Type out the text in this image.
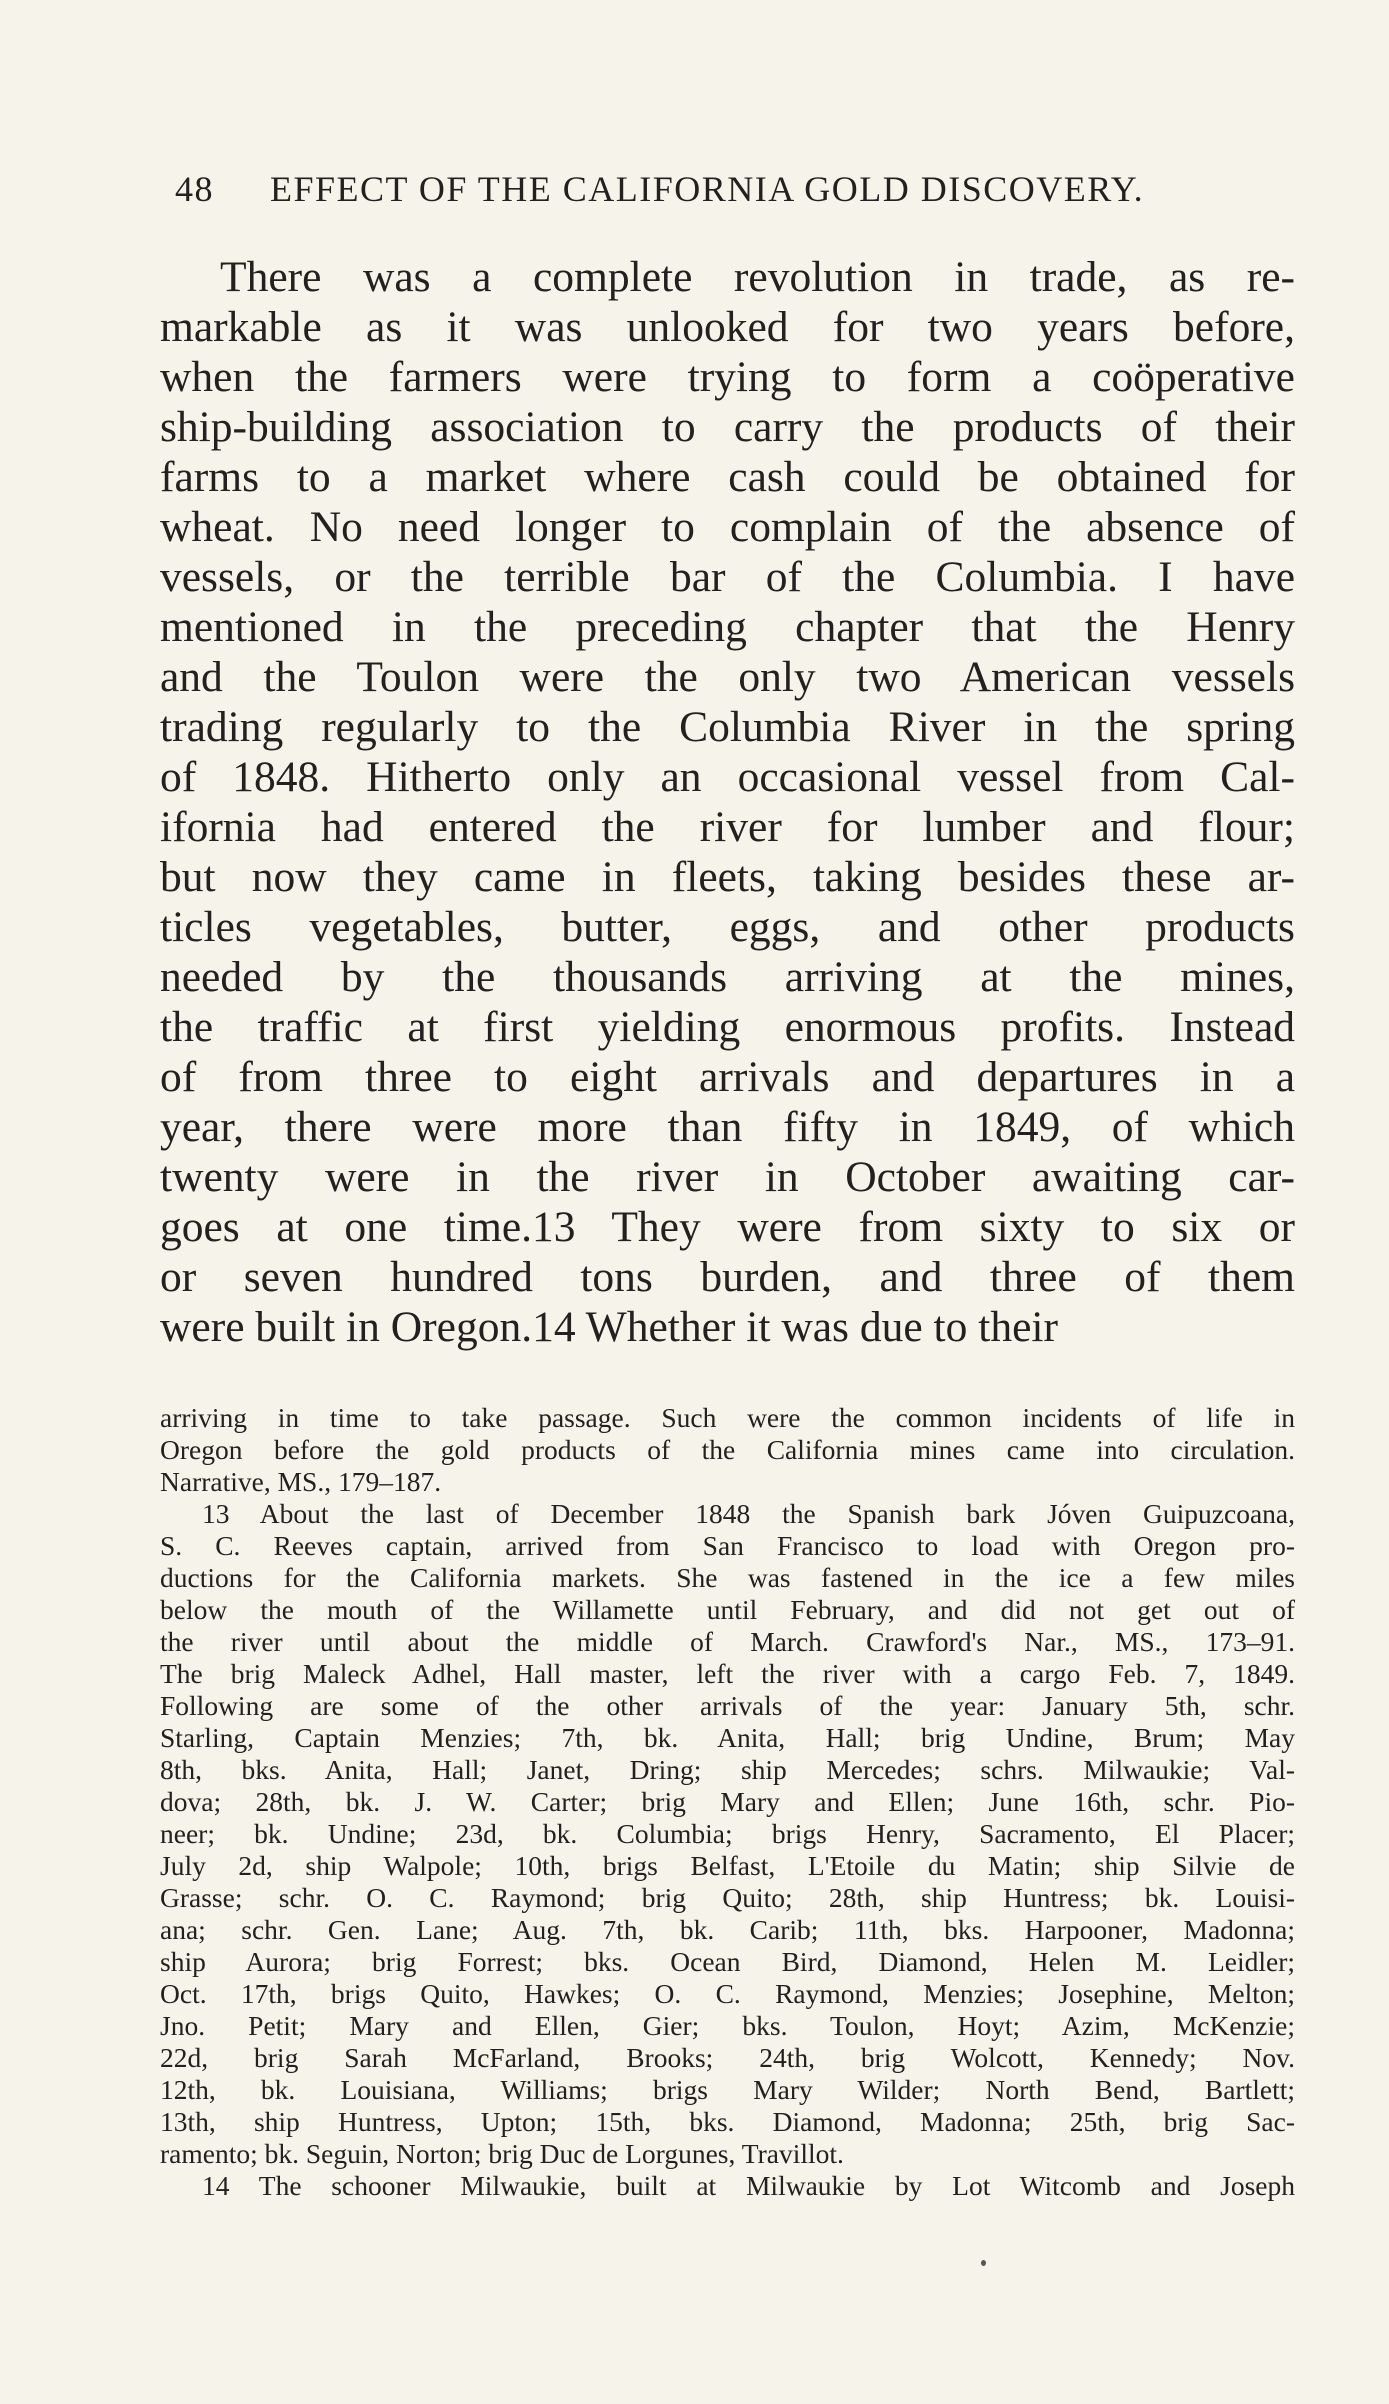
48 EFFECT OF THE CALIFORNIA GOLD DISCOVERY.
There was a complete revolution in trade, as re-
markable as it was unlooked for two years before,
when the farmers were trying to form a coöperative
ship-building association to carry the products of their
farms to a market where cash could be obtained for
wheat. No need longer to complain of the absence of
vessels, or the terrible bar of the Columbia. I have
mentioned in the preceding chapter that the Henry
and the Toulon were the only two American vessels
trading regularly to the Columbia River in the spring
of 1848. Hitherto only an occasional vessel from Cal-
ifornia had entered the river for lumber and flour;
but now they came in fleets, taking besides these ar-
ticles vegetables, butter, eggs, and other products
needed by the thousands arriving at the mines,
the traffic at first yielding enormous profits. Instead
of from three to eight arrivals and departures in a
year, there were more than fifty in 1849, of which
twenty were in the river in October awaiting car-
goes at one time.13 They were from sixty to six or
or seven hundred tons burden, and three of them
were built in Oregon.14 Whether it was due to their
arriving in time to take passage. Such were the common incidents of life in
Oregon before the gold products of the California mines came into circulation.
Narrative, MS., 179–187.
13 About the last of December 1848 the Spanish bark Jóven Guipuzcoana,
S. C. Reeves captain, arrived from San Francisco to load with Oregon pro-
ductions for the California markets. She was fastened in the ice a few miles
below the mouth of the Willamette until February, and did not get out of
the river until about the middle of March. Crawford's Nar., MS., 173–91.
The brig Maleck Adhel, Hall master, left the river with a cargo Feb. 7, 1849.
Following are some of the other arrivals of the year: January 5th, schr.
Starling, Captain Menzies; 7th, bk. Anita, Hall; brig Undine, Brum; May
8th, bks. Anita, Hall; Janet, Dring; ship Mercedes; schrs. Milwaukie; Val-
dova; 28th, bk. J. W. Carter; brig Mary and Ellen; June 16th, schr. Pio-
neer; bk. Undine; 23d, bk. Columbia; brigs Henry, Sacramento, El Placer;
July 2d, ship Walpole; 10th, brigs Belfast, L'Etoile du Matin; ship Silvie de
Grasse; schr. O. C. Raymond; brig Quito; 28th, ship Huntress; bk. Louisi-
ana; schr. Gen. Lane; Aug. 7th, bk. Carib; 11th, bks. Harpooner, Madonna;
ship Aurora; brig Forrest; bks. Ocean Bird, Diamond, Helen M. Leidler;
Oct. 17th, brigs Quito, Hawkes; O. C. Raymond, Menzies; Josephine, Melton;
Jno. Petit; Mary and Ellen, Gier; bks. Toulon, Hoyt; Azim, McKenzie;
22d, brig Sarah McFarland, Brooks; 24th, brig Wolcott, Kennedy; Nov.
12th, bk. Louisiana, Williams; brigs Mary Wilder; North Bend, Bartlett;
13th, ship Huntress, Upton; 15th, bks. Diamond, Madonna; 25th, brig Sac-
ramento; bk. Seguin, Norton; brig Duc de Lorgunes, Travillot.
14 The schooner Milwaukie, built at Milwaukie by Lot Witcomb and Joseph
